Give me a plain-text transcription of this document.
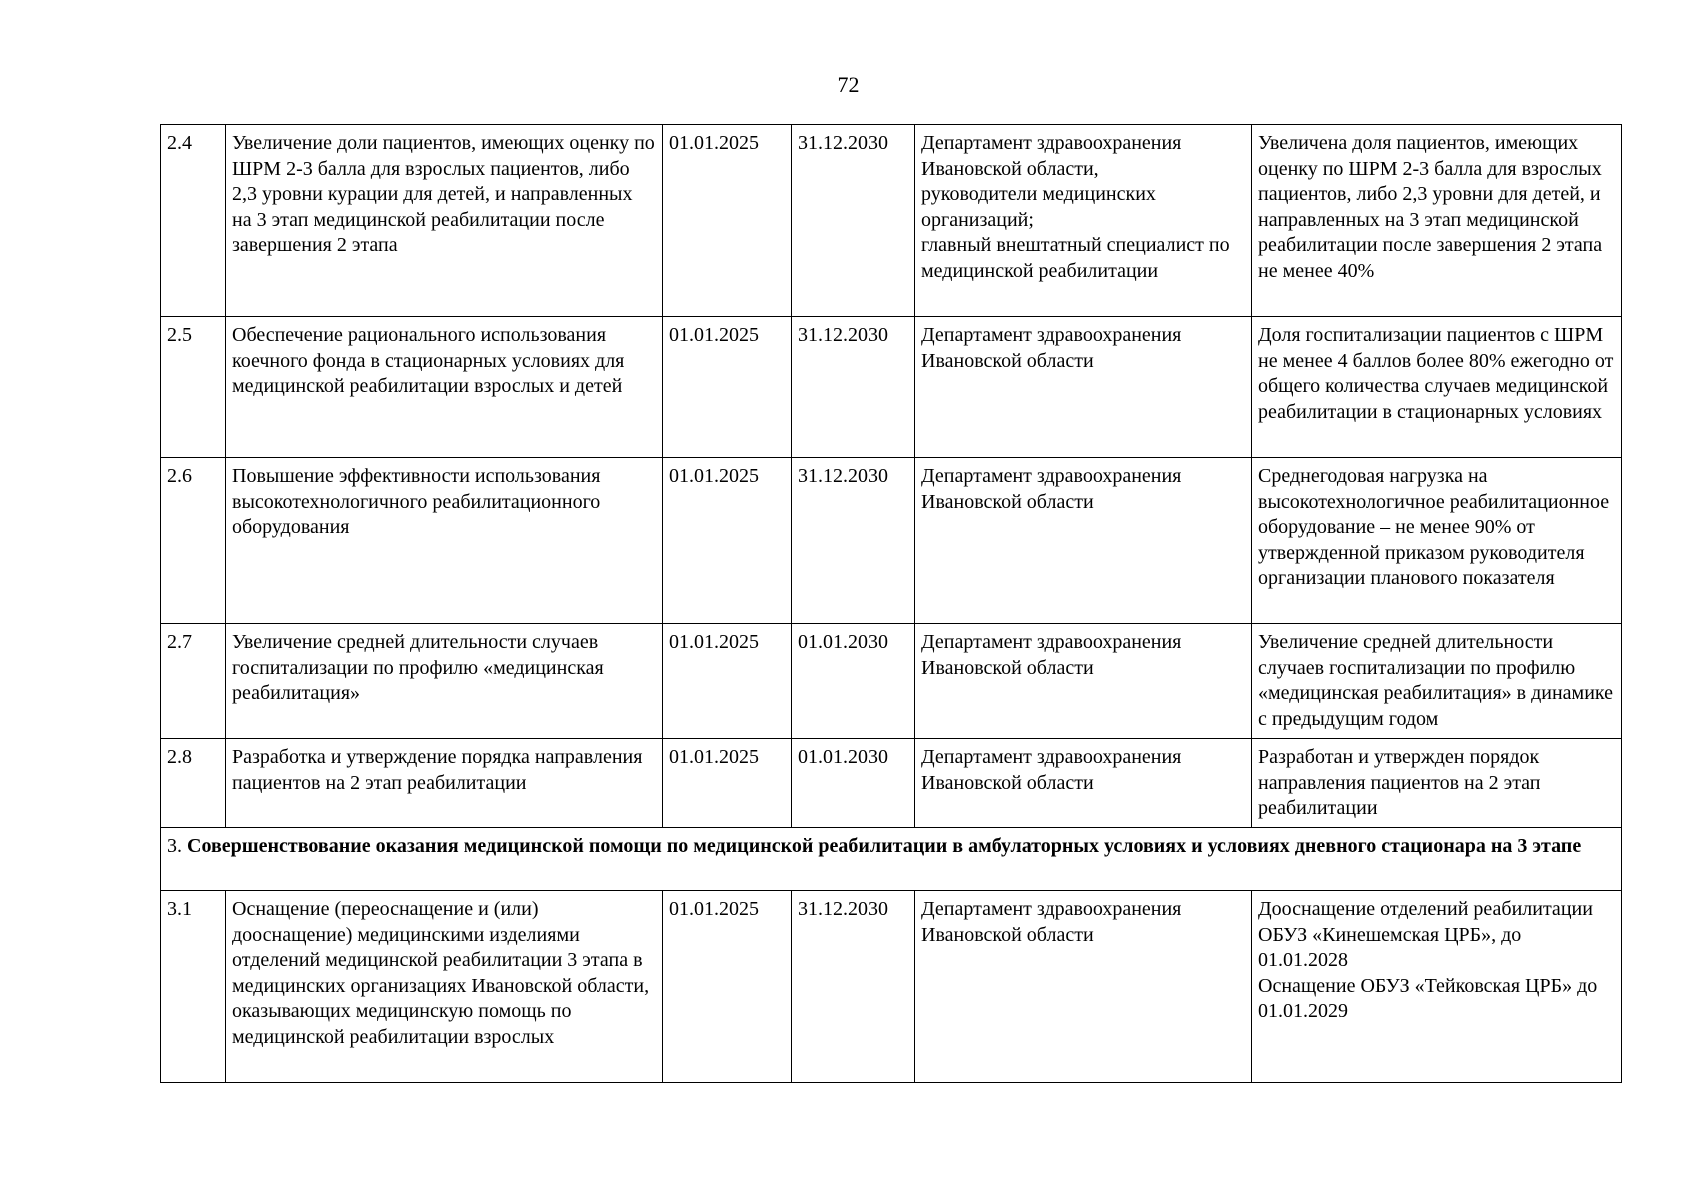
72
2.4	Увеличение доли пациентов, имеющих оценку по ШРМ 2-3 балла для взрослых пациентов, либо 2,3 уровни курации для детей, и направленных на 3 этап медицинской реабилитации после завершения 2 этапа	01.01.2025	31.12.2030	Департамент здравоохранения Ивановской области,
руководители медицинских организаций;
главный внештатный специалист по медицинской реабилитации	Увеличена доля пациентов, имеющих оценку по ШРМ 2-3 балла для взрослых пациентов, либо 2,3 уровни для детей, и направленных на 3 этап медицинской реабилитации после завершения 2 этапа не менее 40%
2.5	Обеспечение рационального использования коечного фонда в стационарных условиях для медицинской реабилитации взрослых и детей	01.01.2025	31.12.2030	Департамент здравоохранения Ивановской области	Доля госпитализации пациентов с ШРМ не менее 4 баллов более 80% ежегодно от общего количества случаев медицинской реабилитации в стационарных условиях
2.6	Повышение эффективности использования высокотехнологичного реабилитационного оборудования	01.01.2025	31.12.2030	Департамент здравоохранения Ивановской области	Среднегодовая нагрузка на высокотехнологичное реабилитационное оборудование – не менее 90% от утвержденной приказом руководителя организации планового показателя
2.7	Увеличение средней длительности случаев госпитализации по профилю «медицинская реабилитация»	01.01.2025	01.01.2030	Департамент здравоохранения Ивановской области	Увеличение средней длительности случаев госпитализации по профилю «медицинская реабилитация» в динамике с предыдущим годом
2.8	Разработка и утверждение порядка направления пациентов на 2 этап реабилитации	01.01.2025	01.01.2030	Департамент здравоохранения Ивановской области	Разработан и утвержден порядок направления пациентов на 2 этап реабилитации
3. Совершенствование оказания медицинской помощи по медицинской реабилитации в амбулаторных условиях и условиях дневного стационара на 3 этапе					
3.1	Оснащение (переоснащение и (или) дооснащение) медицинскими изделиями отделений медицинской реабилитации 3 этапа в медицинских организациях Ивановской области, оказывающих медицинскую помощь по медицинской реабилитации взрослых	01.01.2025	31.12.2030	Департамент здравоохранения Ивановской области	Дооснащение отделений реабилитации ОБУЗ «Кинешемская ЦРБ», до 01.01.2028
Оснащение ОБУЗ «Тейковская ЦРБ» до 01.01.2029
